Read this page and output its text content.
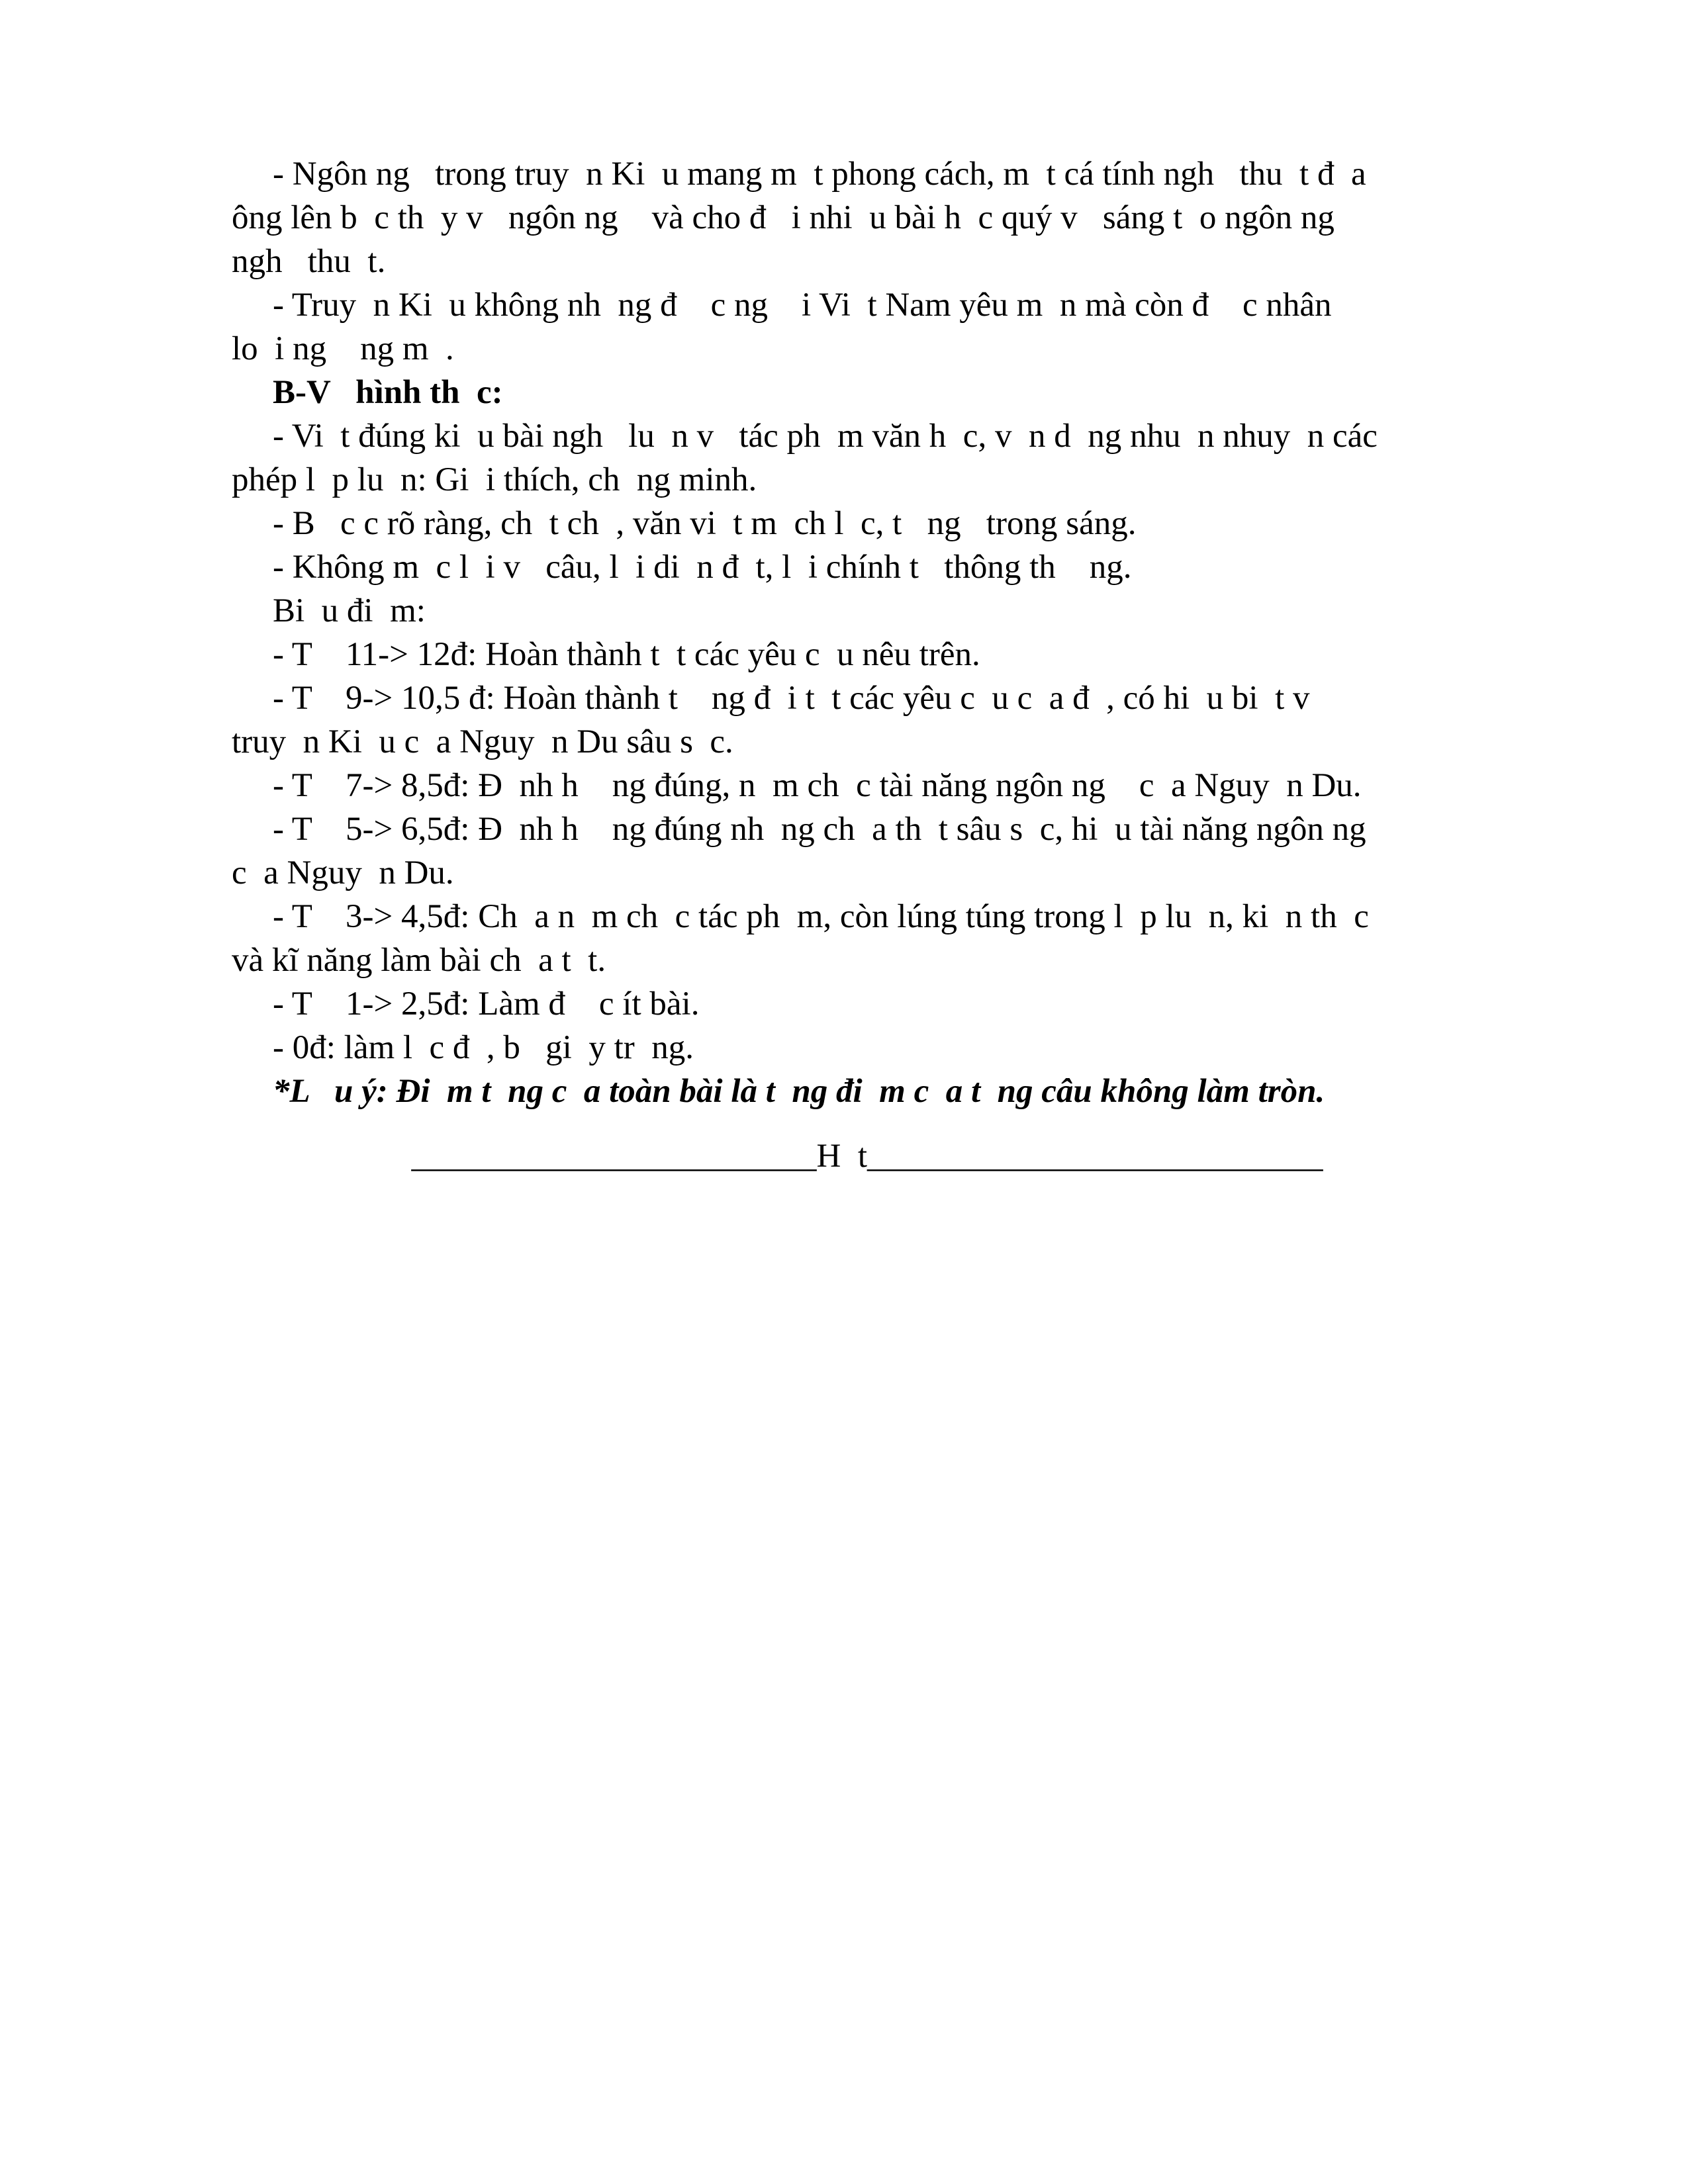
- Ngôn ng   trong truy  n Ki  u mang m  t phong cách, m  t cá tính ngh   thu  t đ  a

ông lên b  c th  y v   ngôn ng    và cho đ   i nhi  u bài h  c quý v   sáng t  o ngôn ng

ngh   thu  t.

- Truy  n Ki  u không nh  ng đ    c ng    i Vi  t Nam yêu m  n mà còn đ    c nhân

lo  i ng    ng m  .

B-V   hình th  c:

- Vi  t đúng ki  u bài ngh   lu  n v   tác ph  m văn h  c, v  n d  ng nhu  n nhuy  n các

phép l  p lu  n: Gi  i thích, ch  ng minh.

- B   c c rõ ràng, ch  t ch  , văn vi  t m  ch l  c, t   ng   trong sáng.

- Không m  c l  i v   câu, l  i di  n đ  t, l  i chính t   thông th    ng.

Bi  u đi  m:

- T    11-> 12đ: Hoàn thành t  t các yêu c  u nêu trên.

- T    9-> 10,5 đ: Hoàn thành t    ng đ  i t  t các yêu c  u c  a đ  , có hi  u bi  t v

truy  n Ki  u c  a Nguy  n Du sâu s  c.

- T    7-> 8,5đ: Đ  nh h    ng đúng, n  m ch  c tài năng ngôn ng    c  a Nguy  n Du.

- T    5-> 6,5đ: Đ  nh h    ng đúng nh  ng ch  a th  t sâu s  c, hi  u tài năng ngôn ng

c  a Nguy  n Du.

- T    3-> 4,5đ: Ch  a n  m ch  c tác ph  m, còn lúng túng trong l  p lu  n, ki  n th  c

và kĩ năng làm bài ch  a t  t.

- T    1-> 2,5đ: Làm đ    c ít bài.

- 0đ: làm l  c đ  , b   gi  y tr  ng.

*L   u ý: Đi  m t  ng c  a toàn bài là t  ng đi  m c  a t  ng câu không làm tròn.

________________________H  t___________________________
